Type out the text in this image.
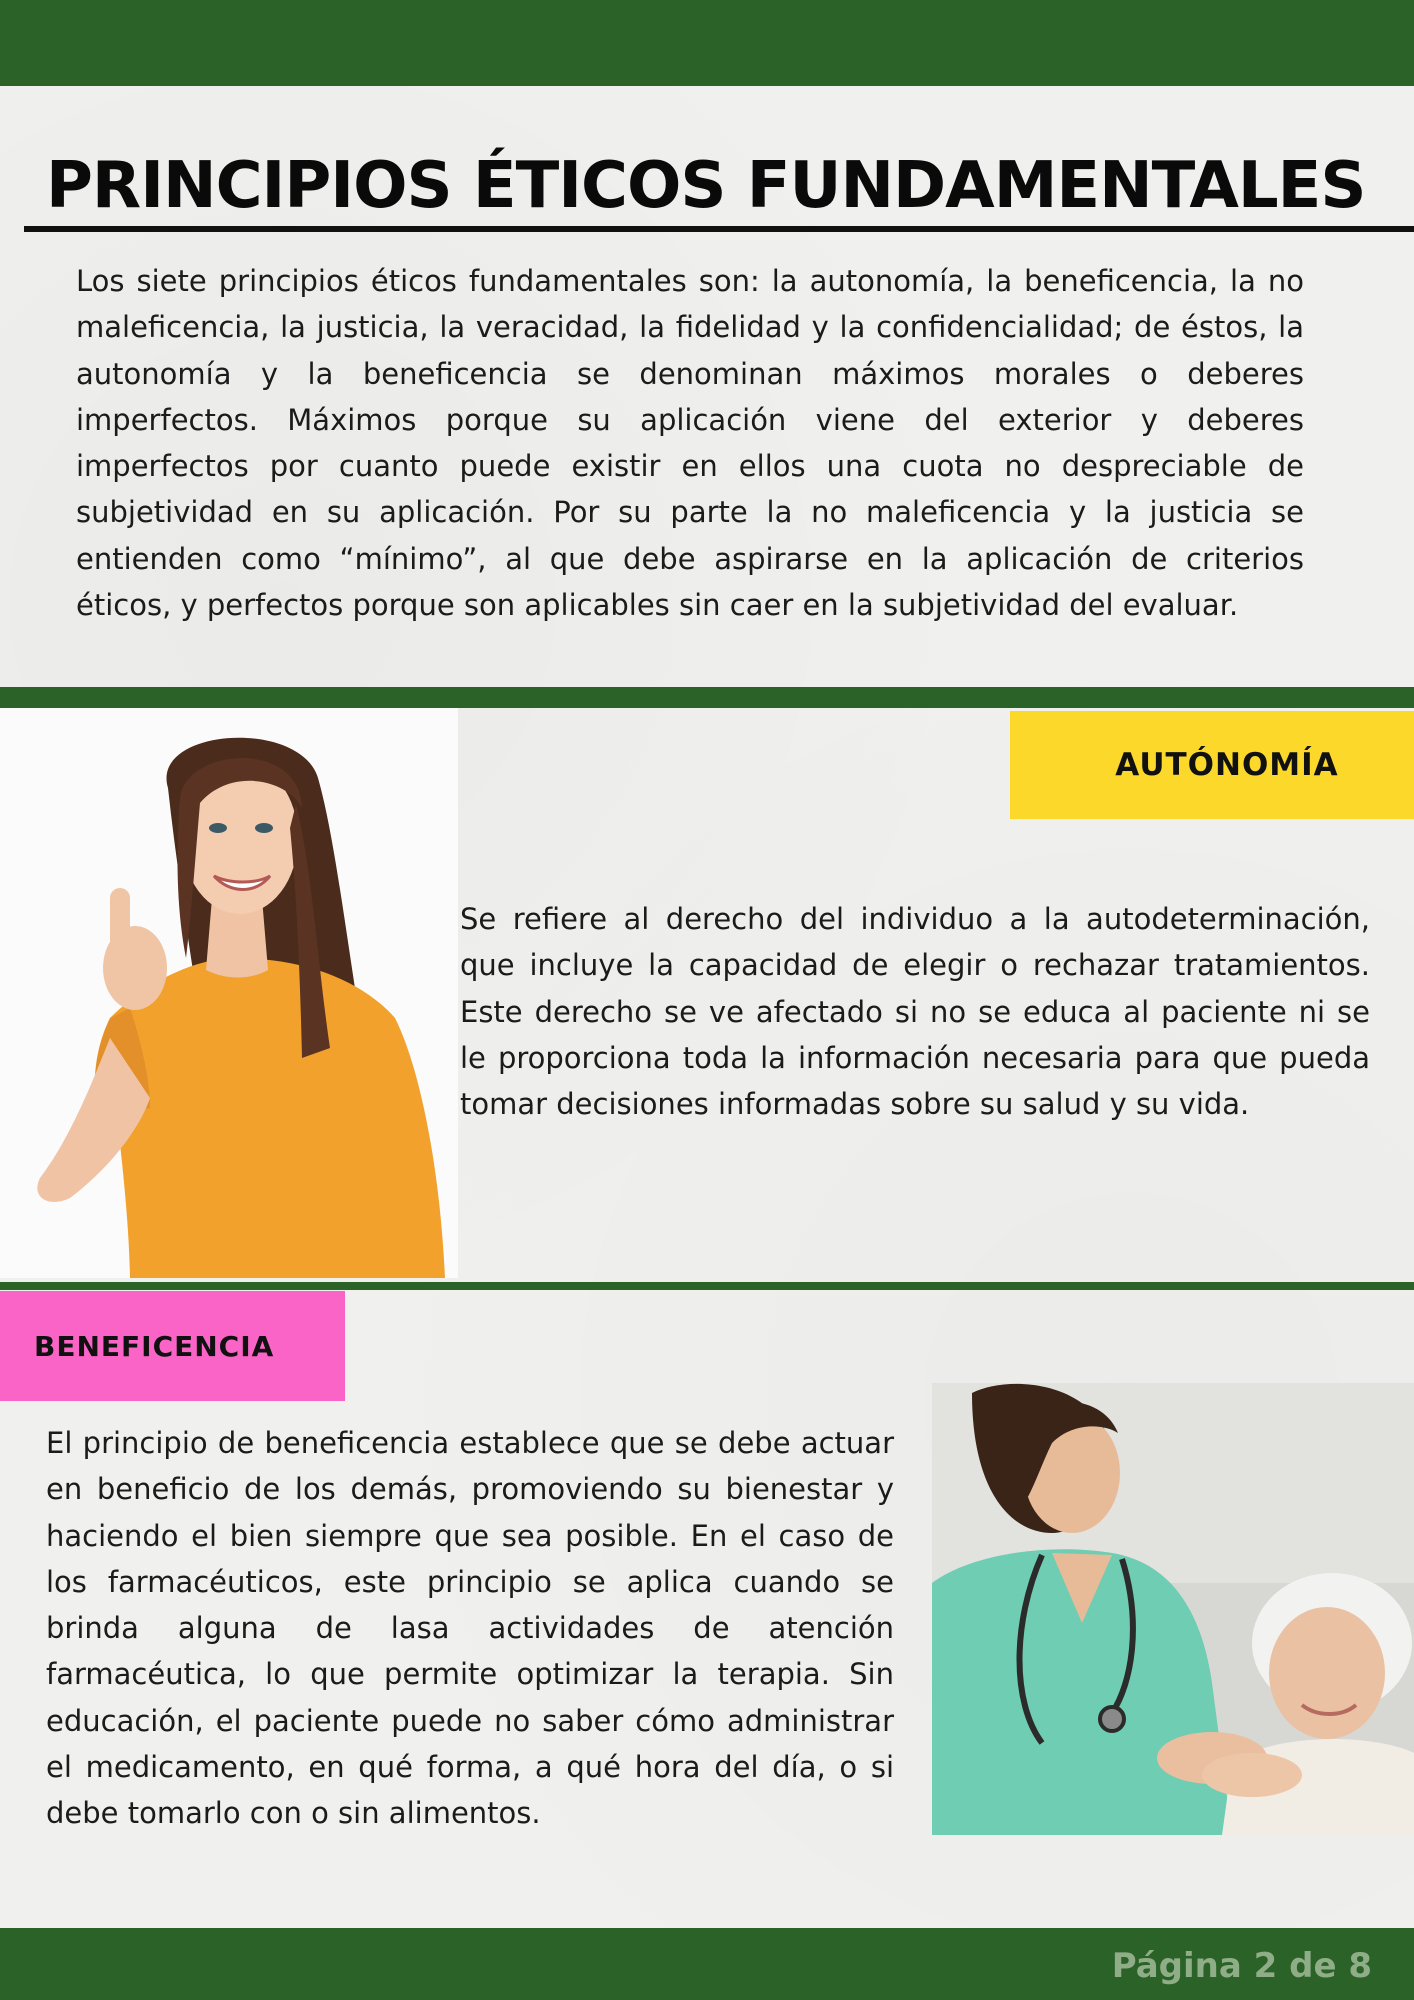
PRINCIPIOS ÉTICOS FUNDAMENTALES

Los siete principios éticos fundamentales son: la autonomía, la beneficencia, la no maleficencia, la justicia, la veracidad, la fidelidad y la confidencialidad; de éstos, la autonomía y la beneficencia se denominan máximos morales o deberes imperfectos. Máximos porque su aplicación viene del exterior y deberes imperfectos por cuanto puede existir en ellos una cuota no despreciable de subjetividad en su aplicación. Por su parte la no maleficencia y la justicia se entienden como “mínimo”, al que debe aspirarse en la aplicación de criterios éticos, y perfectos porque son aplicables sin caer en la subjetividad del evaluar.

AUTÓNOMÍA

Se refiere al derecho del individuo a la autodeterminación, que incluye la capacidad de elegir o rechazar tratamientos. Este derecho se ve afectado si no se educa al paciente ni se le proporciona toda la información necesaria para que pueda tomar decisiones informadas sobre su salud y su vida.

BENEFICENCIA

El principio de beneficencia establece que se debe actuar en beneficio de los demás, promoviendo su bienestar y haciendo el bien siempre que sea posible. En el caso de los farmacéuticos, este principio se aplica cuando se brinda alguna de lasa actividades de atención farmacéutica, lo que permite optimizar la terapia. Sin educación, el paciente puede no saber cómo administrar el medicamento, en qué forma, a qué hora del día, o si debe tomarlo con o sin alimentos.

Página 2 de 8
